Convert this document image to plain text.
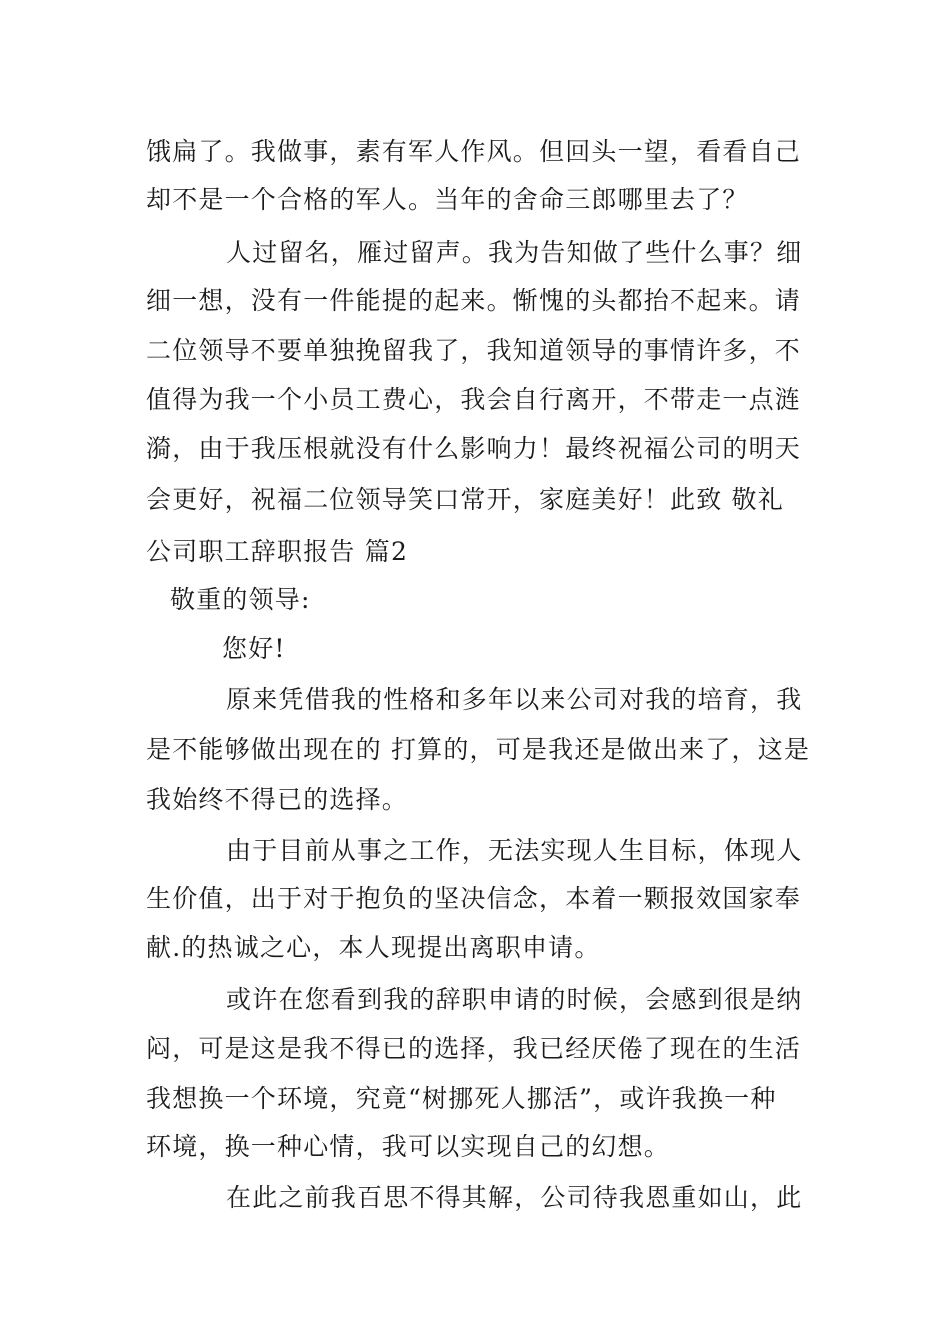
饿扁了。我做事，素有军人作风。但回头一望，看看自己
却不是一个合格的军人。当年的舍命三郎哪里去了？
人过留名，雁过留声。我为告知做了些什么事？细
细一想，没有一件能提的起来。惭愧的头都抬不起来。请
二位领导不要单独挽留我了，我知道领导的事情许多，不
值得为我一个小员工费心，我会自行离开，不带走一点涟
漪，由于我压根就没有什么影响力！最终祝福公司的明天
会更好，祝福二位领导笑口常开，家庭美好！此致 敬礼
公司职工辞职报告 篇2
敬重的领导:
您好!
原来凭借我的性格和多年以来公司对我的培育，我
是不能够做出现在的 打算的，可是我还是做出来了，这是
我始终不得已的选择。
由于目前从事之工作，无法实现人生目标，体现人
生价值，出于对于抱负的坚决信念，本着一颗报效国家奉
献.的热诚之心，本人现提出离职申请。
或许在您看到我的辞职申请的时候，会感到很是纳
闷，可是这是我不得已的选择，我已经厌倦了现在的生活
我想换一个环境，究竟“树挪死人挪活”，或许我换一种
环境，换一种心情，我可以实现自己的幻想。
在此之前我百思不得其解，公司待我恩重如山，此
